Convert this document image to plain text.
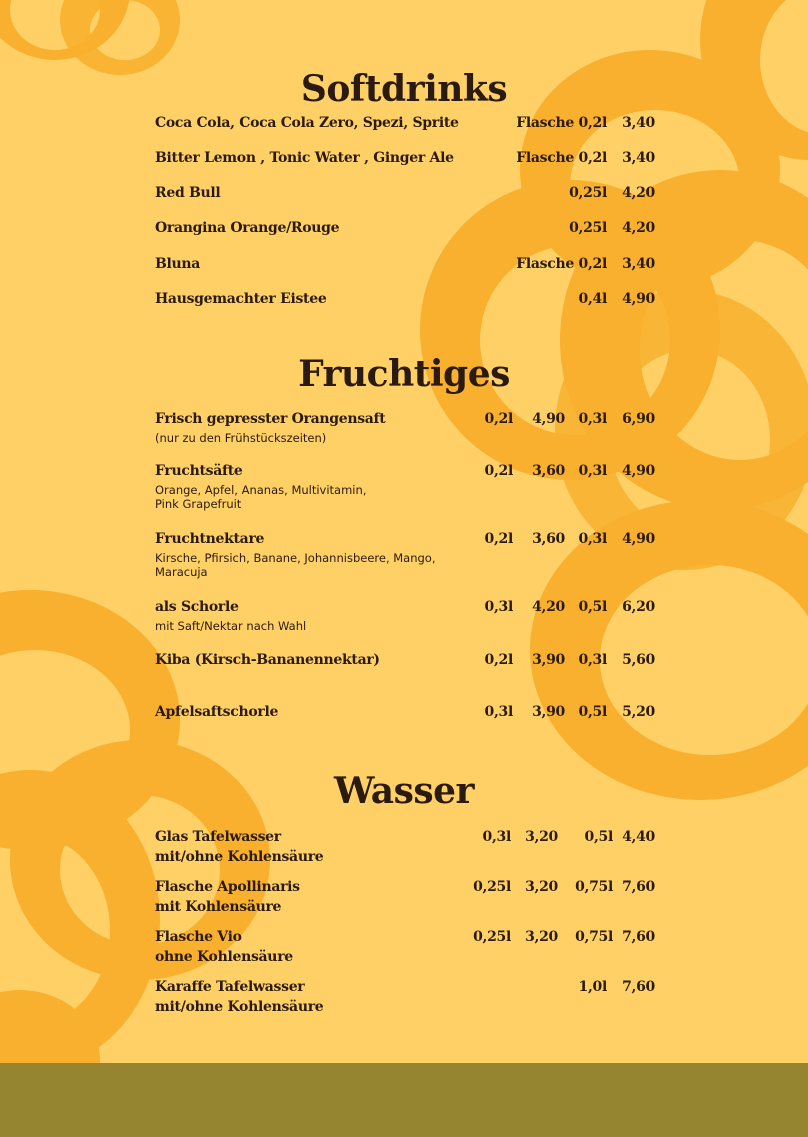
Softdrinks
Coca Cola, Coca Cola Zero, Spezi, Sprite	Flasche 0,2l 3,40
Bitter Lemon , Tonic Water , Ginger Ale	Flasche 0,2l 3,40
Red Bull	0,25l 4,20
Orangina Orange/Rouge	0,25l 4,20
Bluna	Flasche 0,2l 3,40
Hausgemachter Eistee	0,4l 4,90
Fruchtiges
Frisch gepresster Orangensaft
(nur zu den Frühstückszeiten)
0,2l 4,90 0,3l 6,90
Fruchtsäfte
Orange, Apfel, Ananas, Multivitamin,
Pink Grapefruit
0,2l 3,60 0,3l 4,90
Fruchtnektare
Kirsche, Pfirsich, Banane, Johannisbeere, Mango,
Maracuja
0,2l 3,60 0,3l 4,90
als Schorle
mit Saft/Nektar nach Wahl
0,3l 4,20 0,5l 6,20
Kiba (Kirsch-Bananennektar)	0,2l 3,90 0,3l 5,60
Apfelsaftschorle	0,3l 3,90 0,5l 5,20
Wasser
Glas Tafelwasser
mit/ohne Kohlensäure
0,3l 3,20 0,5l 4,40
Flasche Apollinaris
mit Kohlensäure
0,25l 3,20 0,75l 7,60
Flasche Vio
ohne Kohlensäure
0,25l 3,20 0,75l 7,60
Karaffe Tafelwasser
mit/ohne Kohlensäure
1,0l 7,60
